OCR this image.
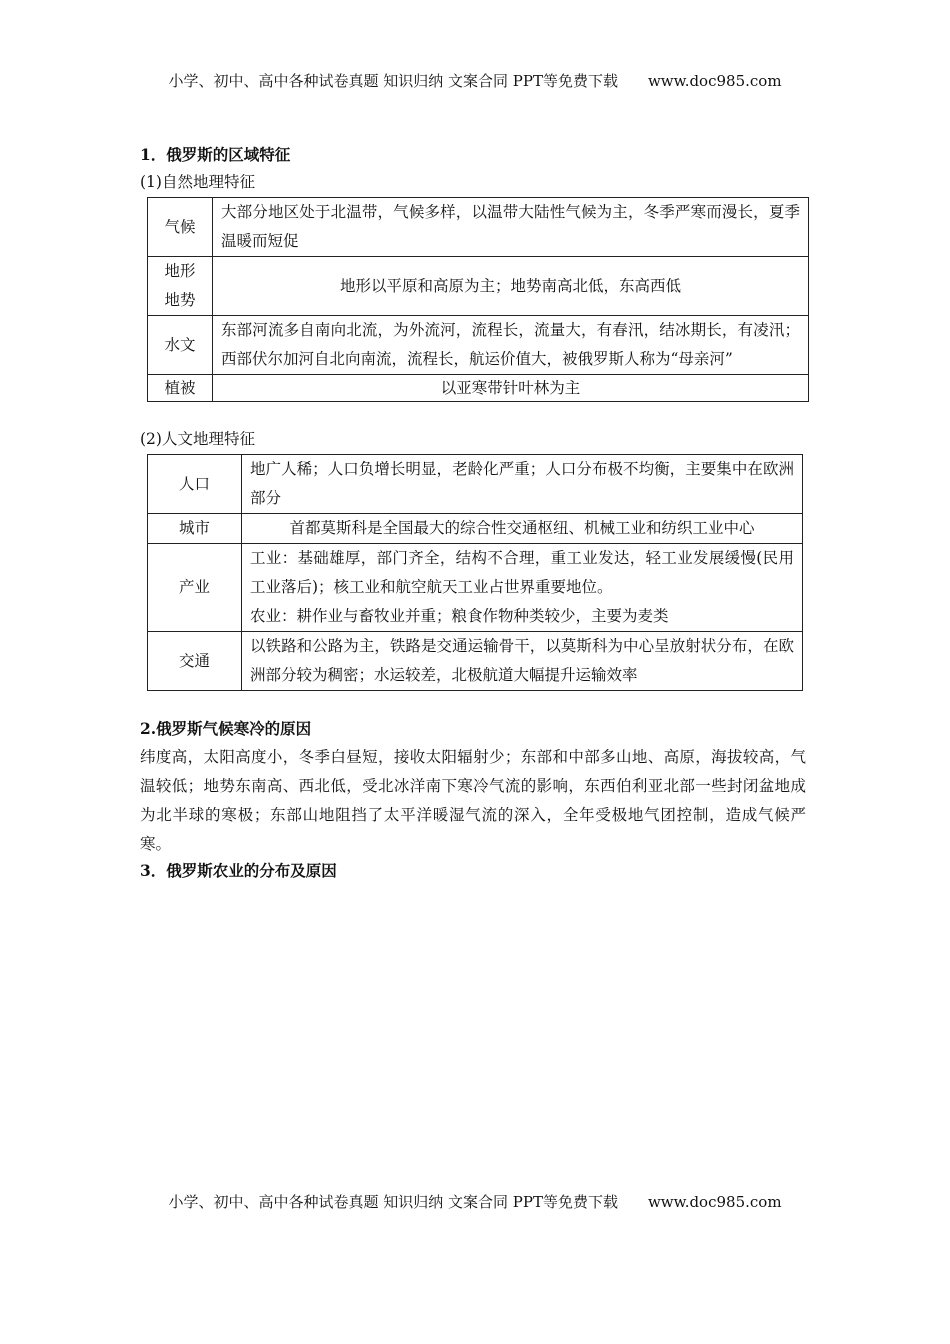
小学、初中、高中各种试卷真题 知识归纳 文案合同 PPT等免费下载 www.doc985.com

1．俄罗斯的区域特征

(1)自然地理特征

气候	大部分地区处于北温带，气候多样，以温带大陆性气候为主，冬季严寒而漫长，夏季温暖而短促
地形地势	地形以平原和高原为主；地势南高北低，东高西低
水文	东部河流多自南向北流，为外流河，流程长，流量大，有春汛，结冰期长，有凌汛；西部伏尔加河自北向南流，流程长，航运价值大，被俄罗斯人称为“母亲河”
植被	以亚寒带针叶林为主

(2)人文地理特征

人口	地广人稀；人口负增长明显，老龄化严重；人口分布极不均衡，主要集中在欧洲部分
城市	首都莫斯科是全国最大的综合性交通枢纽、机械工业和纺织工业中心
产业	工业：基础雄厚，部门齐全，结构不合理，重工业发达，轻工业发展缓慢(民用工业落后)；核工业和航空航天工业占世界重要地位。
农业：耕作业与畜牧业并重；粮食作物种类较少，主要为麦类

交通	以铁路和公路为主，铁路是交通运输骨干，以莫斯科为中心呈放射状分布，在欧洲部分较为稠密；水运较差，北极航道大幅提升运输效率

2.俄罗斯气候寒冷的原因

纬度高，太阳高度小，冬季白昼短，接收太阳辐射少；东部和中部多山地、高原，海拔较高，气温较低；地势东南高、西北低，受北冰洋南下寒冷气流的影响，东西伯利亚北部一些封闭盆地成为北半球的寒极；东部山地阻挡了太平洋暖湿气流的深入，全年受极地气团控制，造成气候严寒。

3．俄罗斯农业的分布及原因

小学、初中、高中各种试卷真题 知识归纳 文案合同 PPT等免费下载 www.doc985.com
